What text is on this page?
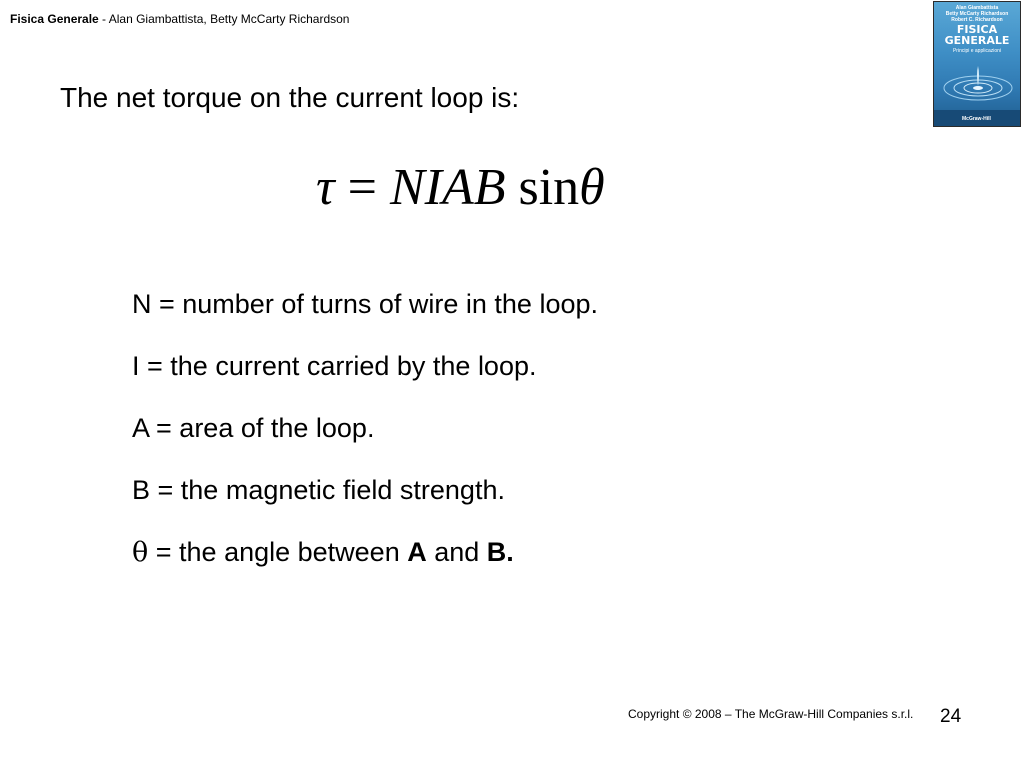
Fisica Generale - Alan Giambattista, Betty McCarty Richardson
Alan Giambattista
Betty McCarty Richardson
Robert C. Richardson
FISICA
GENERALE
Principi e applicazioni
McGraw-Hill
The net torque on the current loop is:
τ = NIAB sinθ
N = number of turns of wire in the loop.
I = the current carried by the loop.
A = area of the loop.
B = the magnetic field strength.
θ = the angle between A and B.
Copyright © 2008 – The McGraw-Hill Companies s.r.l. 24
